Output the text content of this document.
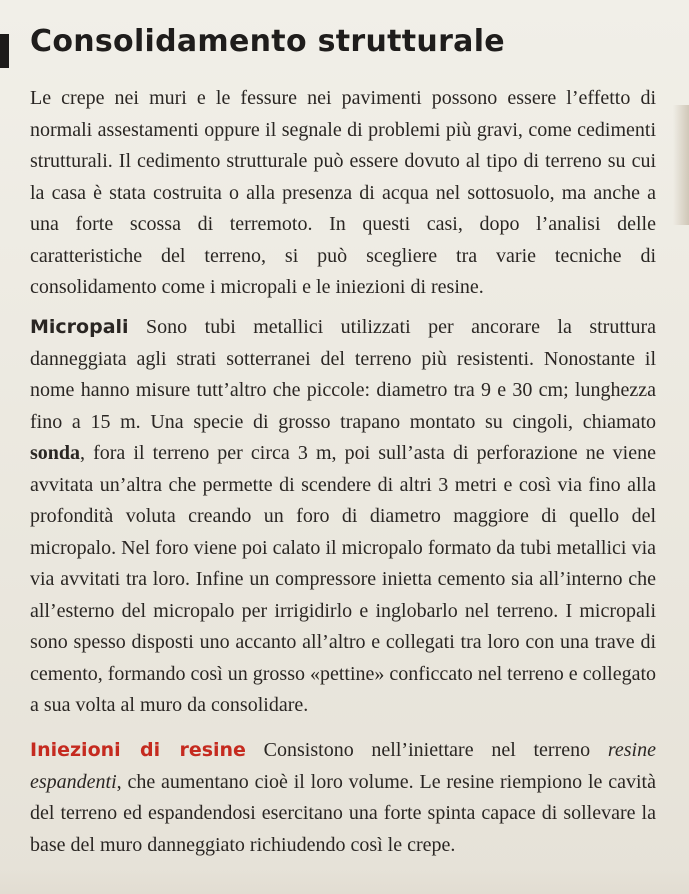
Consolidamento strutturale

Le crepe nei muri e le fessure nei pavimenti possono essere l’effetto di normali assestamenti oppure il segnale di problemi più gravi, come cedimenti strutturali. Il cedimento strutturale può essere dovuto al tipo di terreno su cui la casa è stata costruita o alla presenza di acqua nel sottosuolo, ma anche a una forte scossa di terremoto. In questi casi, dopo l’analisi delle caratteristiche del terreno, si può scegliere tra varie tecniche di consolidamento come i micropali e le iniezioni di resine.

Micropali Sono tubi metallici utilizzati per ancorare la struttura danneggiata agli strati sotterranei del terreno più resistenti. Nonostante il nome hanno misure tutt’altro che piccole: diametro tra 9 e 30 cm; lunghezza fino a 15 m. Una specie di grosso trapano montato su cingoli, chiamato sonda, fora il terreno per circa 3 m, poi sull’asta di perforazione ne viene avvitata un’altra che permette di scendere di altri 3 metri e così via fino alla profondità voluta creando un foro di diametro maggiore di quello del micropalo. Nel foro viene poi calato il micropalo formato da tubi metallici via via avvitati tra loro. Infine un compressore inietta cemento sia all’interno che all’esterno del micropalo per irrigidirlo e inglobarlo nel terreno. I micropali sono spesso disposti uno accanto all’altro e collegati tra loro con una trave di cemento, formando così un grosso «pettine» conficcato nel terreno e collegato a sua volta al muro da consolidare.

Iniezioni di resine Consistono nell’iniettare nel terreno resine espandenti, che aumentano cioè il loro volume. Le resine riempiono le cavità del terreno ed espandendosi esercitano una forte spinta capace di sollevare la base del muro danneggiato richiudendo così le crepe.
